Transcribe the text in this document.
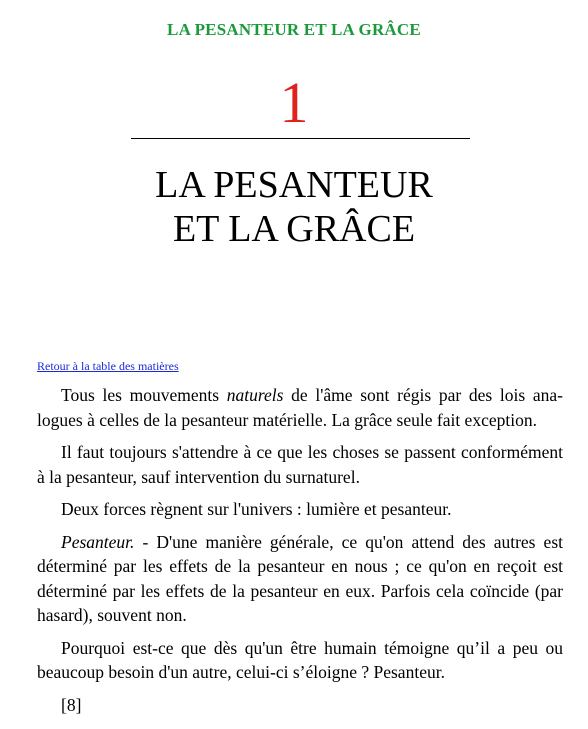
LA PESANTEUR ET LA GRÂCE
1
LA PESANTEUR
ET LA GRÂCE
Retour à la table des matières

Tous les mouvements naturels de l'âme sont régis par des lois analogues à celles de la pesanteur matérielle. La grâce seule fait exception.

Il faut toujours s'attendre à ce que les choses se passent conformément à la pesanteur, sauf intervention du surnaturel.

Deux forces règnent sur l'univers : lumière et pesanteur.

Pesanteur. - D'une manière générale, ce qu'on attend des autres est déterminé par les effets de la pesanteur en nous ; ce qu'on en reçoit est déterminé par les effets de la pesanteur en eux. Parfois cela coïncide (par hasard), souvent non.

Pourquoi est-ce que dès qu'un être humain témoigne qu’il a peu ou beaucoup besoin d'un autre, celui-ci s’éloigne ? Pesanteur.

[8]
